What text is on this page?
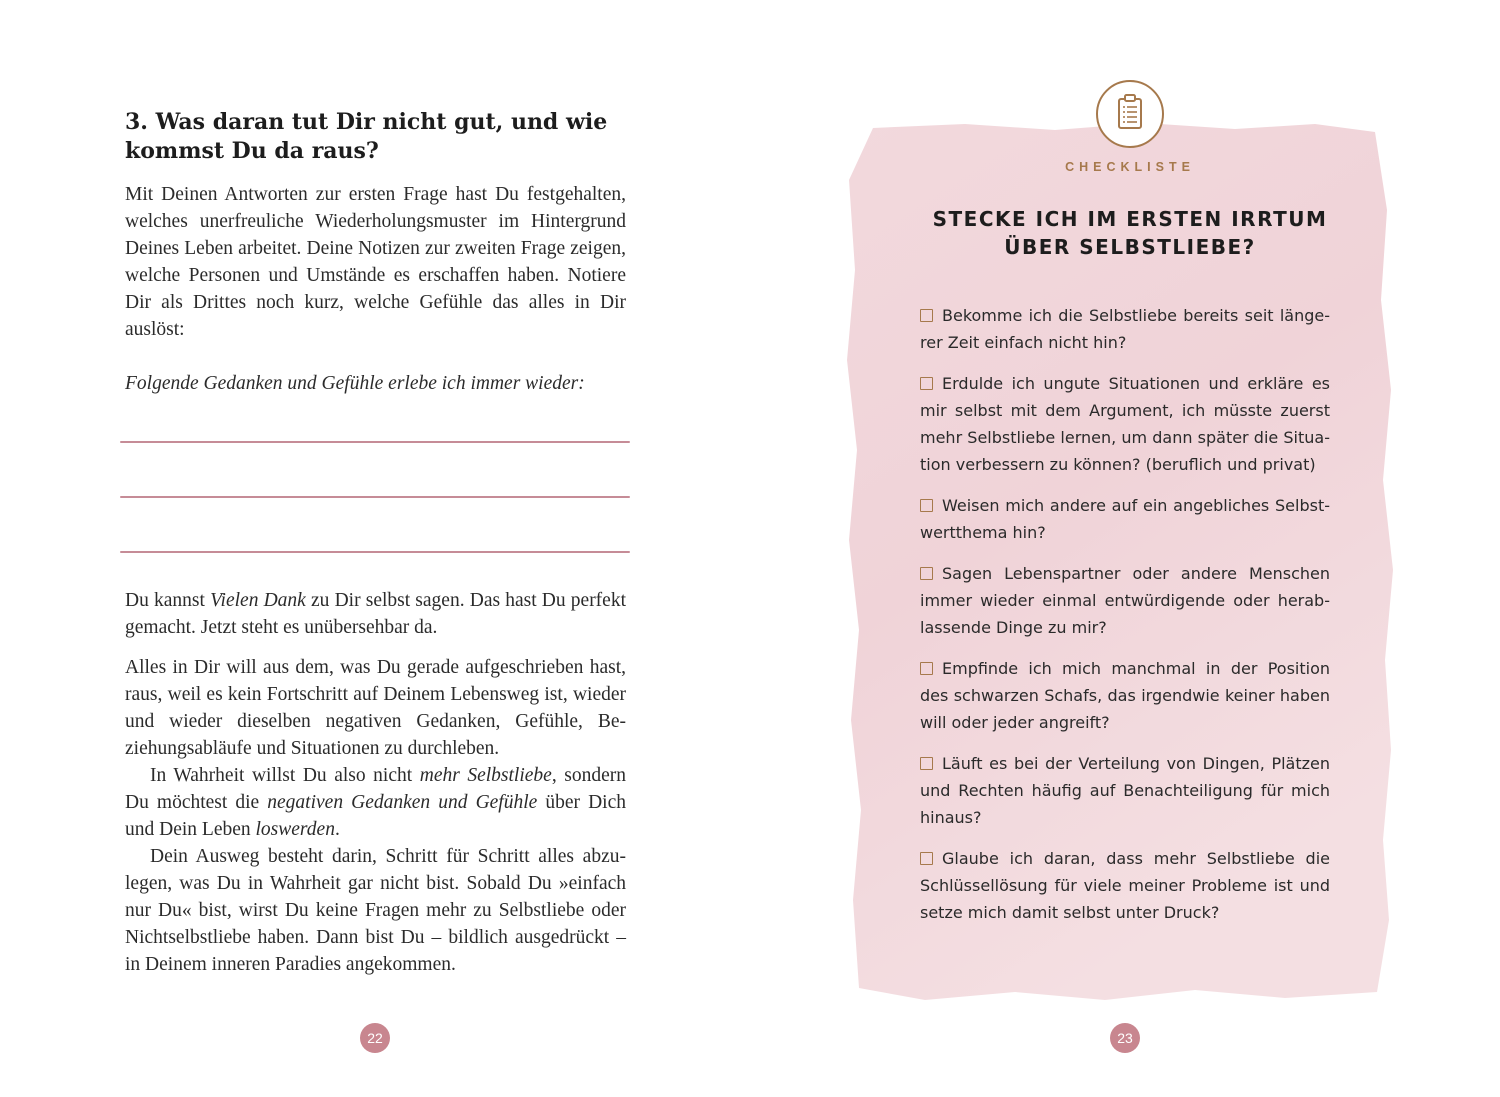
3. Was daran tut Dir nicht gut, und wie
kommst Du da raus?
Mit Deinen Antworten zur ersten Frage hast Du festgehalten, welches unerfreuliche Wiederholungsmuster im Hintergrund Deines Leben arbeitet. Deine Notizen zur zweiten Frage zeigen, welche Personen und Umstände es erschaffen haben. Notiere Dir als Drittes noch kurz, welche Gefühle das alles in Dir auslöst:
Folgende Gedanken und Gefühle erlebe ich immer wieder:
Du kannst Vielen Dank zu Dir selbst sagen. Das hast Du perfekt gemacht. Jetzt steht es unübersehbar da.

Alles in Dir will aus dem, was Du gerade aufgeschrieben hast, raus, weil es kein Fortschritt auf Deinem Lebensweg ist, wieder und wieder dieselben negativen Gedanken, Gefühle, Beziehungsabläufe und Situationen zu durchleben.

In Wahrheit willst Du also nicht mehr Selbstliebe, sondern Du möchtest die negativen Gedanken und Gefühle über Dich und Dein Leben loswerden.

Dein Ausweg besteht darin, Schritt für Schritt alles abzulegen, was Du in Wahrheit gar nicht bist. Sobald Du »einfach nur Du« bist, wirst Du keine Fragen mehr zu Selbstliebe oder Nichtselbstliebe haben. Dann bist Du – bildlich ausgedrückt – in Deinem inneren Paradies angekommen.

22
CHECKLISTE
STECKE ICH IM ERSTEN IRRTUM
ÜBER SELBSTLIEBE?
Bekomme ich die Selbstliebe bereits seit längerer Zeit einfach nicht hin?
Erdulde ich ungute Situationen und erkläre es mir selbst mit dem Argument, ich müsste zuerst mehr Selbstliebe lernen, um dann später die Situation verbessern zu können? (beruflich und privat)
Weisen mich andere auf ein angebliches Selbstwertthema hin?
Sagen Lebenspartner oder andere Menschen immer wieder einmal entwürdigende oder herablassende Dinge zu mir?
Empfinde ich mich manchmal in der Position des schwarzen Schafs, das irgendwie keiner haben will oder jeder angreift?
Läuft es bei der Verteilung von Dingen, Plätzen und Rechten häufig auf Benachteiligung für mich hinaus?
Glaube ich daran, dass mehr Selbstliebe die Schlüssellösung für viele meiner Probleme ist und setze mich damit selbst unter Druck?
23
